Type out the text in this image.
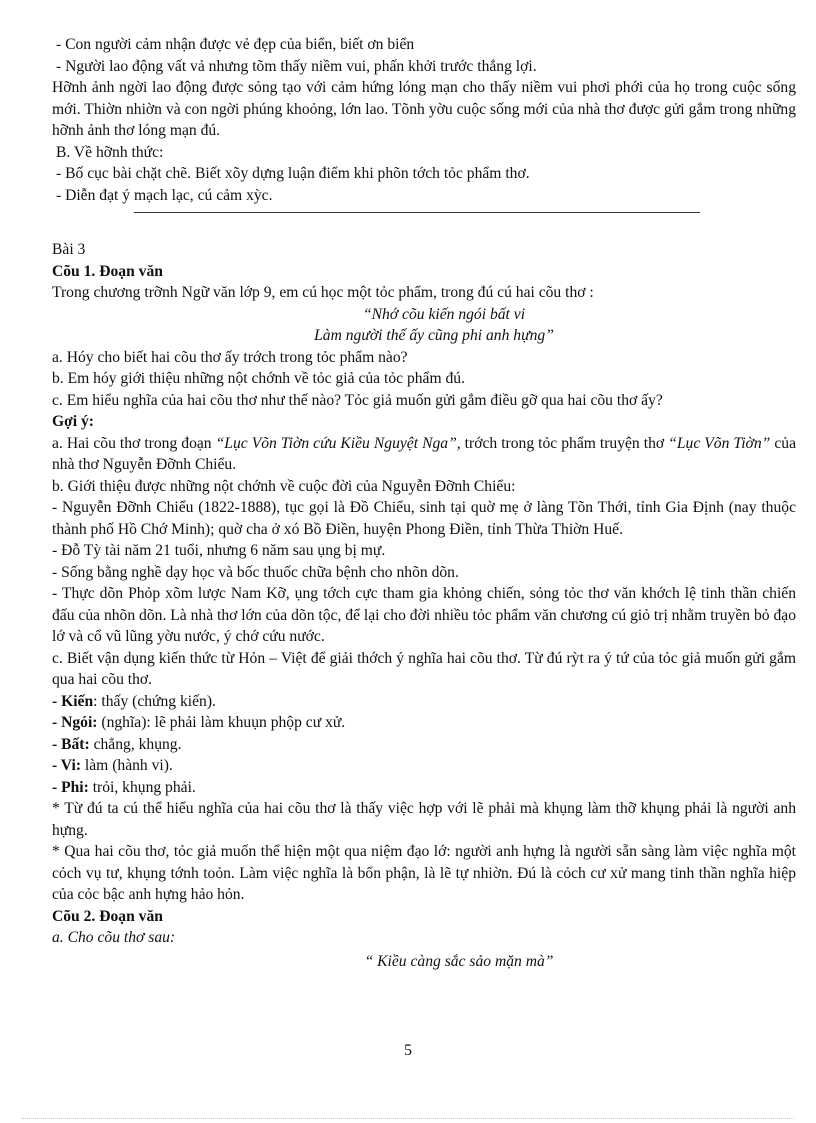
- Con người cảm nhận được vẻ đẹp của biển, biết ơn biển

- Người lao động vất vả nhưng tõm thấy niềm vui, phấn khởi trước thắng lợi.

Hỡnh ảnh ngời lao động được sỏng tạo với cảm hứng lóng mạn cho thấy niềm vui phơi phới của họ trong cuộc sống mới. Thiờn nhiờn và con ngời phúng khoỏng, lớn lao. Tõnh yờu cuộc sống mới của nhà thơ được gửi gắm trong những hỡnh ảnh thơ lóng mạn đú.

B. Về hỡnh thức:

- Bố cục bài chặt chẽ. Biết xõy dựng luận điểm khi phõn tớch tỏc phẩm thơ.

- Diễn đạt ý mạch lạc, cú cảm xỳc.

Bài 3

Cõu 1. Đoạn văn

Trong chương trỡnh Ngữ văn lớp 9, em cú học một tỏc phẩm, trong đú cú hai cõu thơ :

“Nhớ cõu kiến ngói bất vi

Làm người thế ấy cũng phi anh hựng”

a. Hóy cho biết hai cõu thơ ấy trớch trong tỏc phẩm nào?

b. Em hóy giới thiệu những nột chớnh về tỏc giả của tỏc phẩm đú.

c. Em hiểu nghĩa của hai cõu thơ như thế nào? Tỏc giả muốn gửi gắm điều gỡ qua hai cõu thơ ấy?

Gợi ý:

a. Hai cõu thơ trong đoạn “Lục Võn Tiờn cứu Kiều Nguyệt Nga”, trớch trong tỏc phẩm truyện thơ “Lục Võn Tiờn” của nhà thơ Nguyễn Đỡnh Chiểu.

b. Giới thiệu được những nột chớnh về cuộc đời của Nguyễn Đỡnh Chiểu:

- Nguyễn Đỡnh Chiểu (1822-1888), tục gọi là Đồ Chiểu, sinh tại quờ mẹ ở làng Tõn Thới, tỉnh Gia Định (nay thuộc thành phố Hồ Chớ Minh); quờ cha ở xó Bồ Điền, huyện Phong Điền, tỉnh Thừa Thiờn Huế.

- Đỗ Tỳ tài năm 21 tuổi, nhưng 6 năm sau ụng bị mự.

- Sống bằng nghề dạy học và bốc thuốc chữa bệnh cho nhõn dõn.

- Thực dõn Phỏp xõm lược Nam Kỡ, ụng tớch cực tham gia khỏng chiến, sỏng tỏc thơ văn khớch lệ tinh thần chiến đấu của nhõn dõn. Là nhà thơ lớn của dõn tộc, để lại cho đời nhiều tỏc phẩm văn chương cú giỏ trị nhằm truyền bỏ đạo lớ và cổ vũ lũng yờu nước, ý chớ cứu nước.

c. Biết vận dụng kiến thức từ Hỏn – Việt để giải thớch ý nghĩa hai cõu thơ. Từ đú rỳt ra ý tứ của tỏc giả muốn gửi gắm qua hai cõu thơ.

- Kiến: thấy (chứng kiến).

- Ngói: (nghĩa): lẽ phải làm khuụn phộp cư xử.

- Bất: chẳng, khụng.

- Vi: làm (hành vi).

- Phi: trỏi, khụng phải.

* Từ đú ta cú thể hiểu nghĩa của hai cõu thơ là thấy việc hợp với lẽ phải mà khụng làm thỡ khụng phải là người anh hựng.

* Qua hai cõu thơ, tỏc giả muốn thể hiện một qua niệm đạo lớ: người anh hựng là người sẵn sàng làm việc nghĩa một cỏch vụ tư, khụng tớnh toỏn. Làm việc nghĩa là bổn phận, là lẽ tự nhiờn. Đú là cỏch cư xử mang tinh thần nghĩa hiệp của cỏc bậc anh hựng hảo hỏn.

Cõu 2. Đoạn văn

a. Cho cõu thơ sau:

“ Kiều càng sắc sảo mặn mà”

5
